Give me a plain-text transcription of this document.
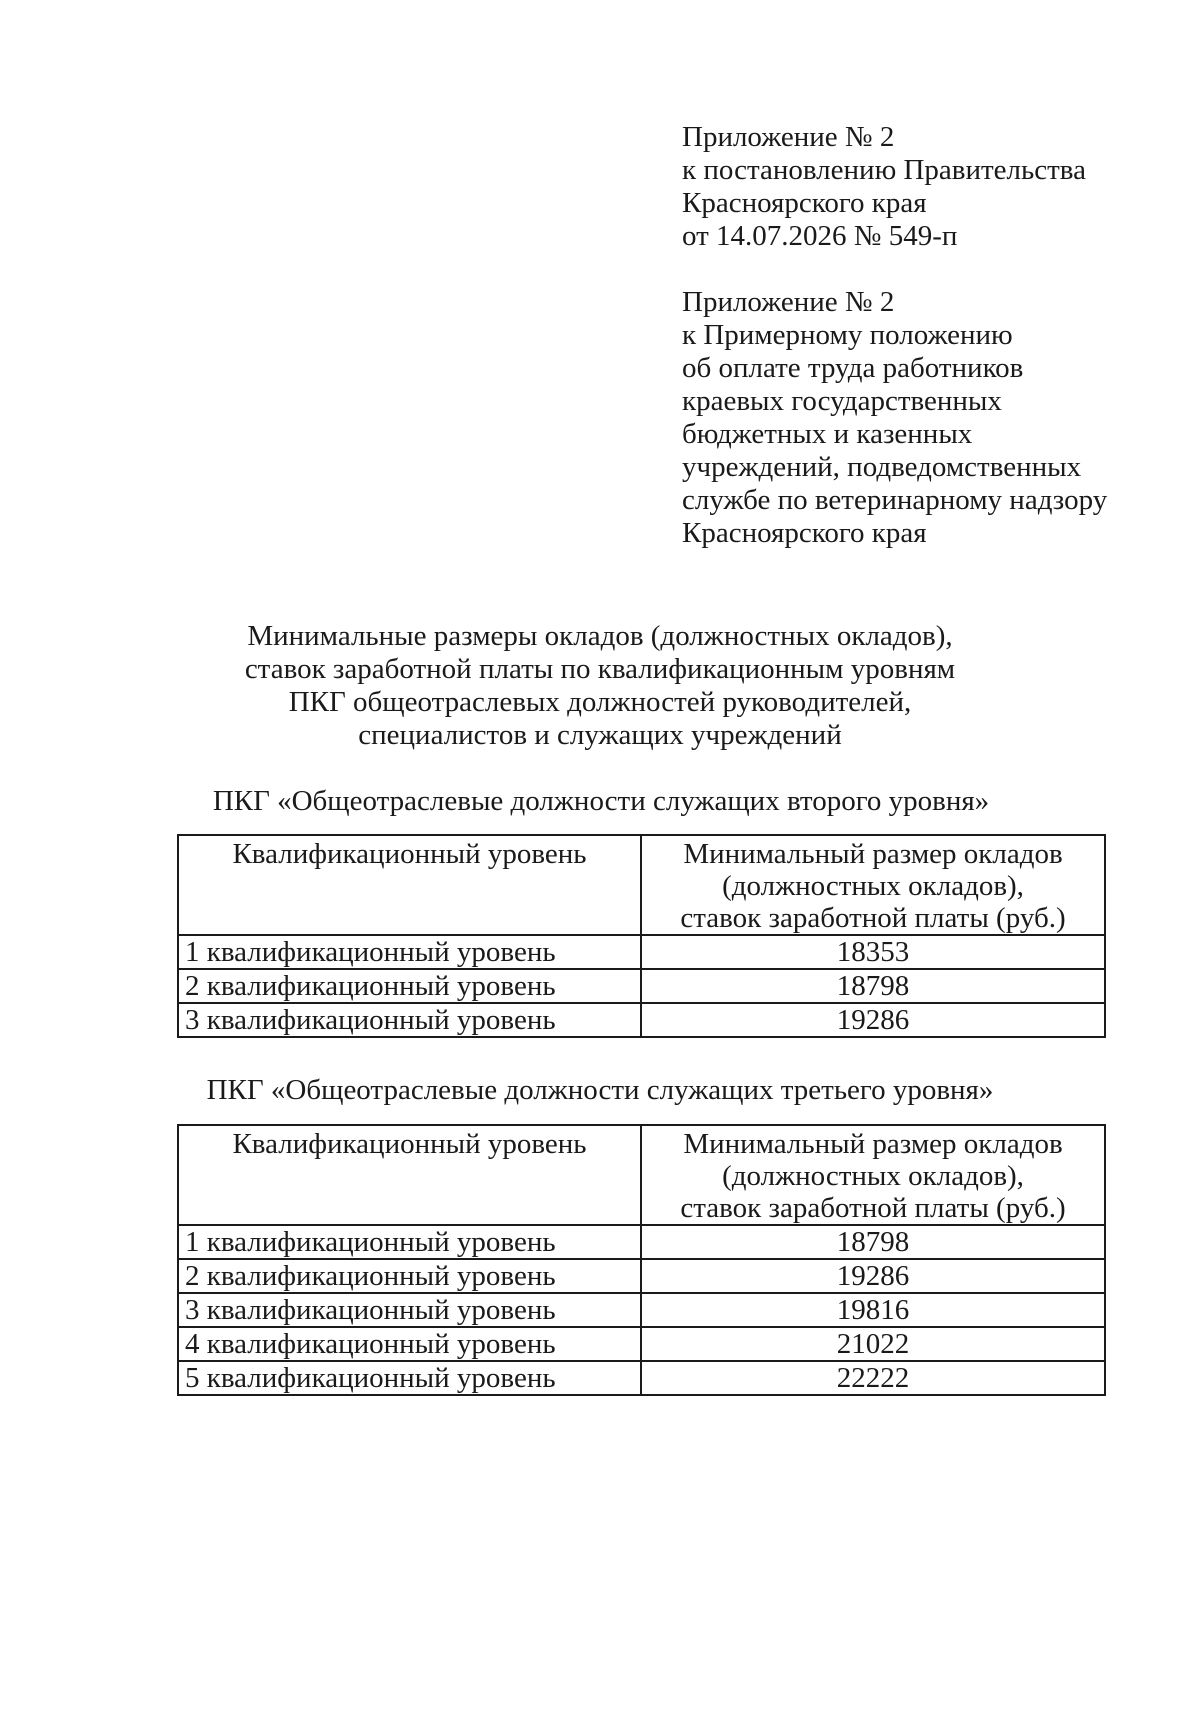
Приложение № 2
к постановлению Правительства
Красноярского края
от 14.07.2026 № 549-п
Приложение № 2
к Примерному положению
об оплате труда работников
краевых государственных
бюджетных и казенных
учреждений, подведомственных
службе по ветеринарному надзору
Красноярского края
Минимальные размеры окладов (должностных окладов),
ставок заработной платы по квалификационным уровням
ПКГ общеотраслевых должностей руководителей,
специалистов и служащих учреждений
ПКГ «Общеотраслевые должности служащих второго уровня»
Квалификационный уровень	Минимальный размер окладов
(должностных окладов),
ставок заработной платы (руб.)

1 квалификационный уровень	18353
2 квалификационный уровень	18798
3 квалификационный уровень	19286
ПКГ «Общеотраслевые должности служащих третьего уровня»
Квалификационный уровень	Минимальный размер окладов
(должностных окладов),
ставок заработной платы (руб.)

1 квалификационный уровень	18798
2 квалификационный уровень	19286
3 квалификационный уровень	19816
4 квалификационный уровень	21022
5 квалификационный уровень	22222
